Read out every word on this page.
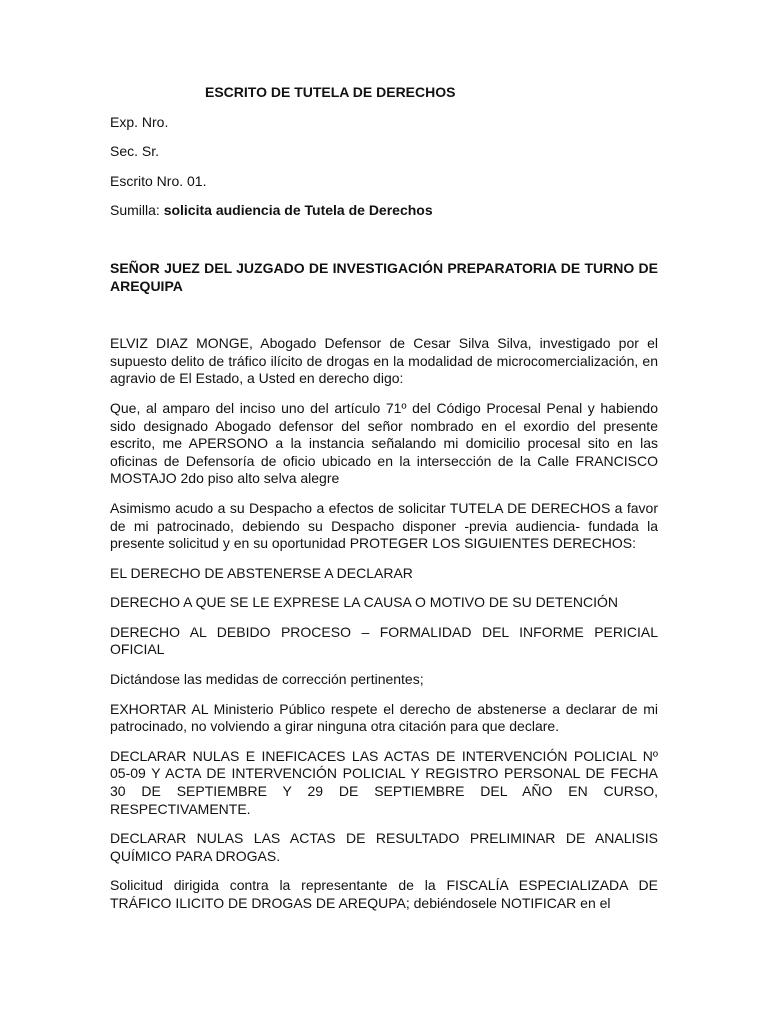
ESCRITO DE TUTELA DE DERECHOS
Exp. Nro.
Sec. Sr.
Escrito Nro. 01.
Sumilla: solicita audiencia de Tutela de Derechos
SEÑOR JUEZ DEL JUZGADO DE INVESTIGACIÓN PREPARATORIA DE TURNO DE AREQUIPA
ELVIZ DIAZ MONGE, Abogado Defensor de Cesar Silva Silva, investigado por el supuesto delito de tráfico ilícito de drogas en la modalidad de microcomercialización, en agravio de El Estado, a Usted en derecho digo:
Que, al amparo del inciso uno del artículo 71º del Código Procesal Penal y habiendo sido designado Abogado defensor del señor nombrado en el exordio del presente escrito, me APERSONO a la instancia señalando mi domicilio procesal sito en las oficinas de Defensoría de oficio ubicado en la intersección de la Calle FRANCISCO MOSTAJO 2do piso alto selva alegre
Asimismo acudo a su Despacho a efectos de solicitar TUTELA DE DERECHOS a favor de mi patrocinado, debiendo su Despacho disponer -previa audiencia- fundada la presente solicitud y en su oportunidad PROTEGER LOS SIGUIENTES DERECHOS:
EL DERECHO DE ABSTENERSE A DECLARAR
DERECHO A QUE SE LE EXPRESE LA CAUSA O MOTIVO DE SU DETENCIÓN
DERECHO AL DEBIDO PROCESO – FORMALIDAD DEL INFORME PERICIAL OFICIAL
Dictándose las medidas de corrección pertinentes;
EXHORTAR AL Ministerio Público respete el derecho de abstenerse a declarar de mi patrocinado, no volviendo a girar ninguna otra citación para que declare.
DECLARAR NULAS E INEFICACES LAS ACTAS DE INTERVENCIÓN POLICIAL Nº 05-09 Y ACTA DE INTERVENCIÓN POLICIAL Y REGISTRO PERSONAL DE FECHA 30 DE SEPTIEMBRE Y 29 DE SEPTIEMBRE DEL AÑO EN CURSO, RESPECTIVAMENTE.
DECLARAR NULAS LAS ACTAS DE RESULTADO PRELIMINAR DE ANALISIS QUÍMICO PARA DROGAS.
Solicitud dirigida contra la representante de la FISCALÍA ESPECIALIZADA DE TRÁFICO ILICITO DE DROGAS DE AREQUPA; debiéndosele NOTIFICAR en el
